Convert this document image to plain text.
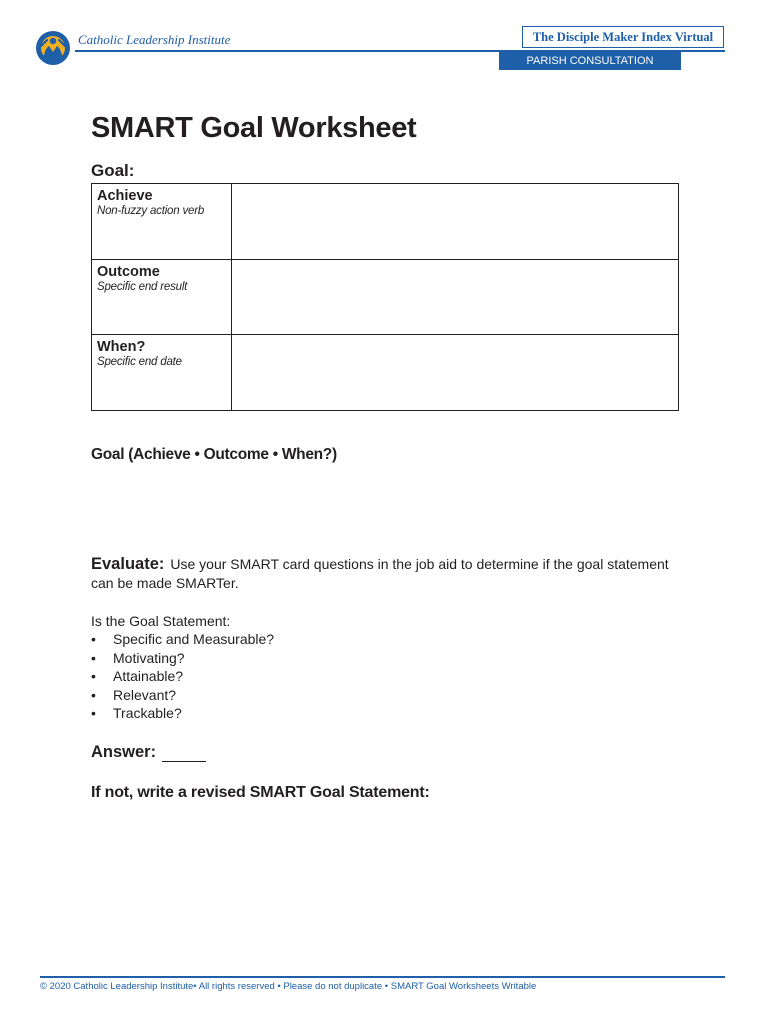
Catholic Leadership Institute	The Disciple Maker Index Virtual
PARISH CONSULTATION
SMART Goal Worksheet
Goal:
Achieve
Non-fuzzy action verb
Outcome
Specific end result
When?
Specific end date
Goal (Achieve • Outcome • When?)
Evaluate: Use your SMART card questions in the job aid to determine if the goal statement can be made SMARTer.
Is the Goal Statement:
• Specific and Measurable?
• Motivating?
• Attainable?
• Relevant?
• Trackable?
Answer:
If not, write a revised SMART Goal Statement:
© 2020 Catholic Leadership Institute• All rights reserved • Please do not duplicate • SMART Goal Worksheets Writable
